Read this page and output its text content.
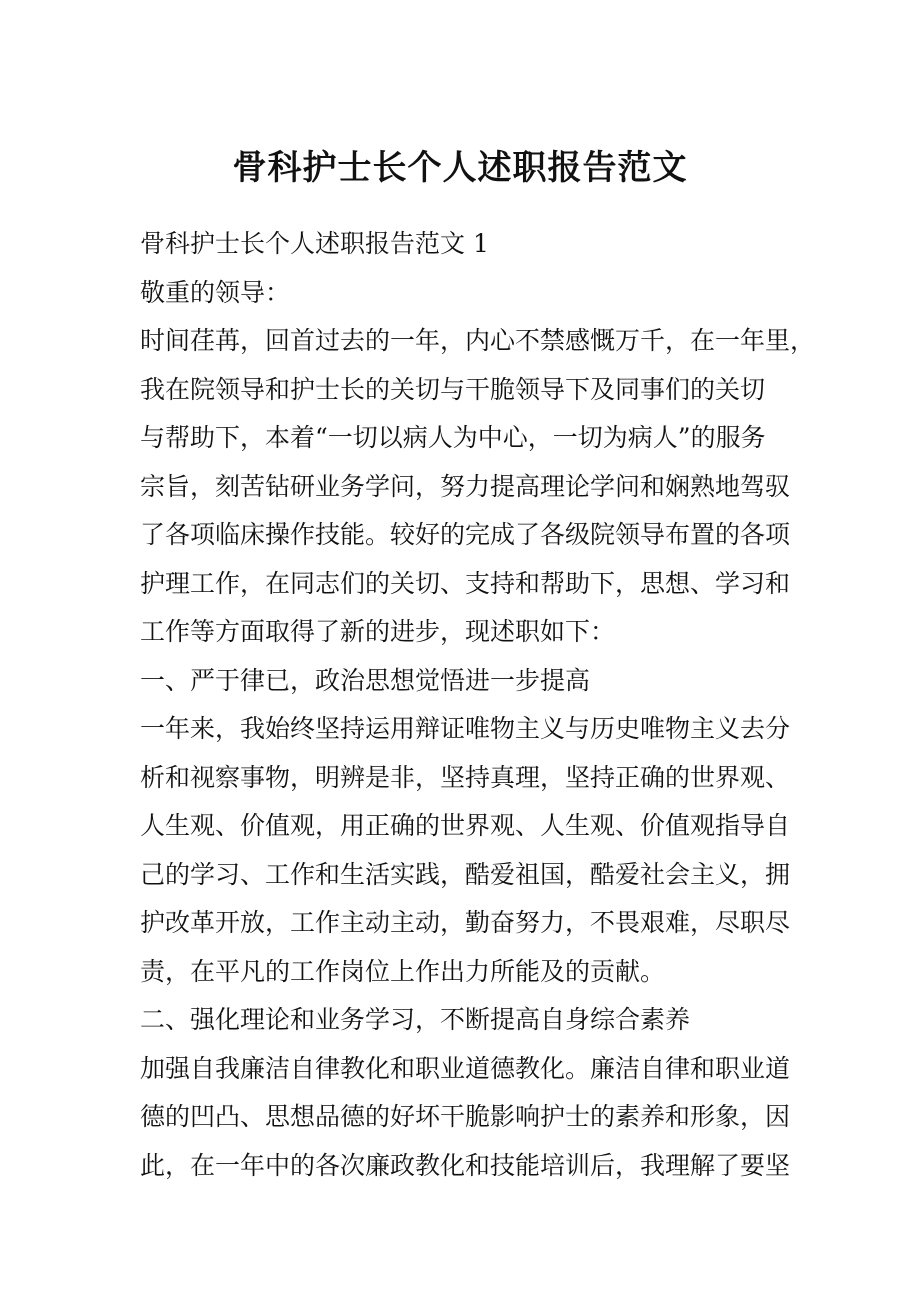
骨科护士长个人述职报告范文
骨科护士长个人述职报告范文 1
敬重的领导：
时间荏苒，回首过去的一年，内心不禁感慨万千，在一年里，
我在院领导和护士长的关切与干脆领导下及同事们的关切
与帮助下，本着“一切以病人为中心，一切为病人”的服务
宗旨，刻苦钻研业务学问，努力提高理论学问和娴熟地驾驭
了各项临床操作技能。较好的完成了各级院领导布置的各项
护理工作，在同志们的关切、支持和帮助下，思想、学习和
工作等方面取得了新的进步，现述职如下：
一、严于律已，政治思想觉悟进一步提高
一年来，我始终坚持运用辩证唯物主义与历史唯物主义去分
析和视察事物，明辨是非，坚持真理，坚持正确的世界观、
人生观、价值观，用正确的世界观、人生观、价值观指导自
己的学习、工作和生活实践，酷爱祖国，酷爱社会主义，拥
护改革开放，工作主动主动，勤奋努力，不畏艰难，尽职尽
责，在平凡的工作岗位上作出力所能及的贡献。
二、强化理论和业务学习，不断提高自身综合素养
加强自我廉洁自律教化和职业道德教化。廉洁自律和职业道
德的凹凸、思想品德的好坏干脆影响护士的素养和形象，因
此，在一年中的各次廉政教化和技能培训后，我理解了要坚
